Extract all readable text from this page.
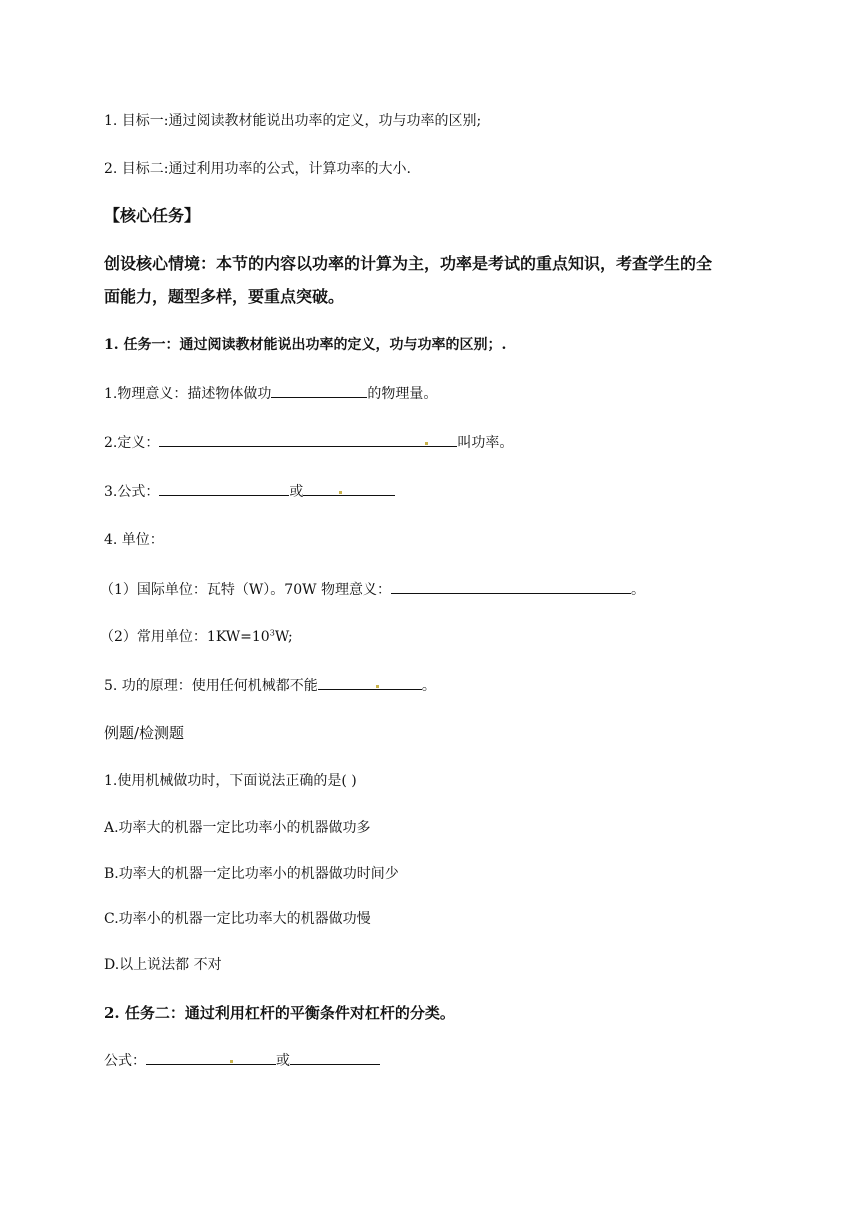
1. 目标一:通过阅读教材能说出功率的定义，功与功率的区别;
2. 目标二:通过利用功率的公式，计算功率的大小.
【核心任务】
创设核心情境：本节的内容以功率的计算为主，功率是考试的重点知识，考查学生的全
面能力，题型多样，要重点突破。
1. 任务一：通过阅读教材能说出功率的定义，功与功率的区别；.
1.物理意义：描述物体做功	的物理量。
2.定义：	叫功率。
3.公式：	或
4. 单位：
（1）国际单位：瓦特（W）。70W 物理意义：	。
（2）常用单位：$1KW=10^3W$;
5. 功的原理：使用任何机械都不能	。
例题/检测题
1.使用机械做功时，下面说法正确的是( )
A.功率大的机器一定比功率小的机器做功多
B.功率大的机器一定比功率小的机器做功时间少
C.功率小的机器一定比功率大的机器做功慢
D.以上说法都 不对
2. 任务二：通过利用杠杆的平衡条件对杠杆的分类。
公式：	或
